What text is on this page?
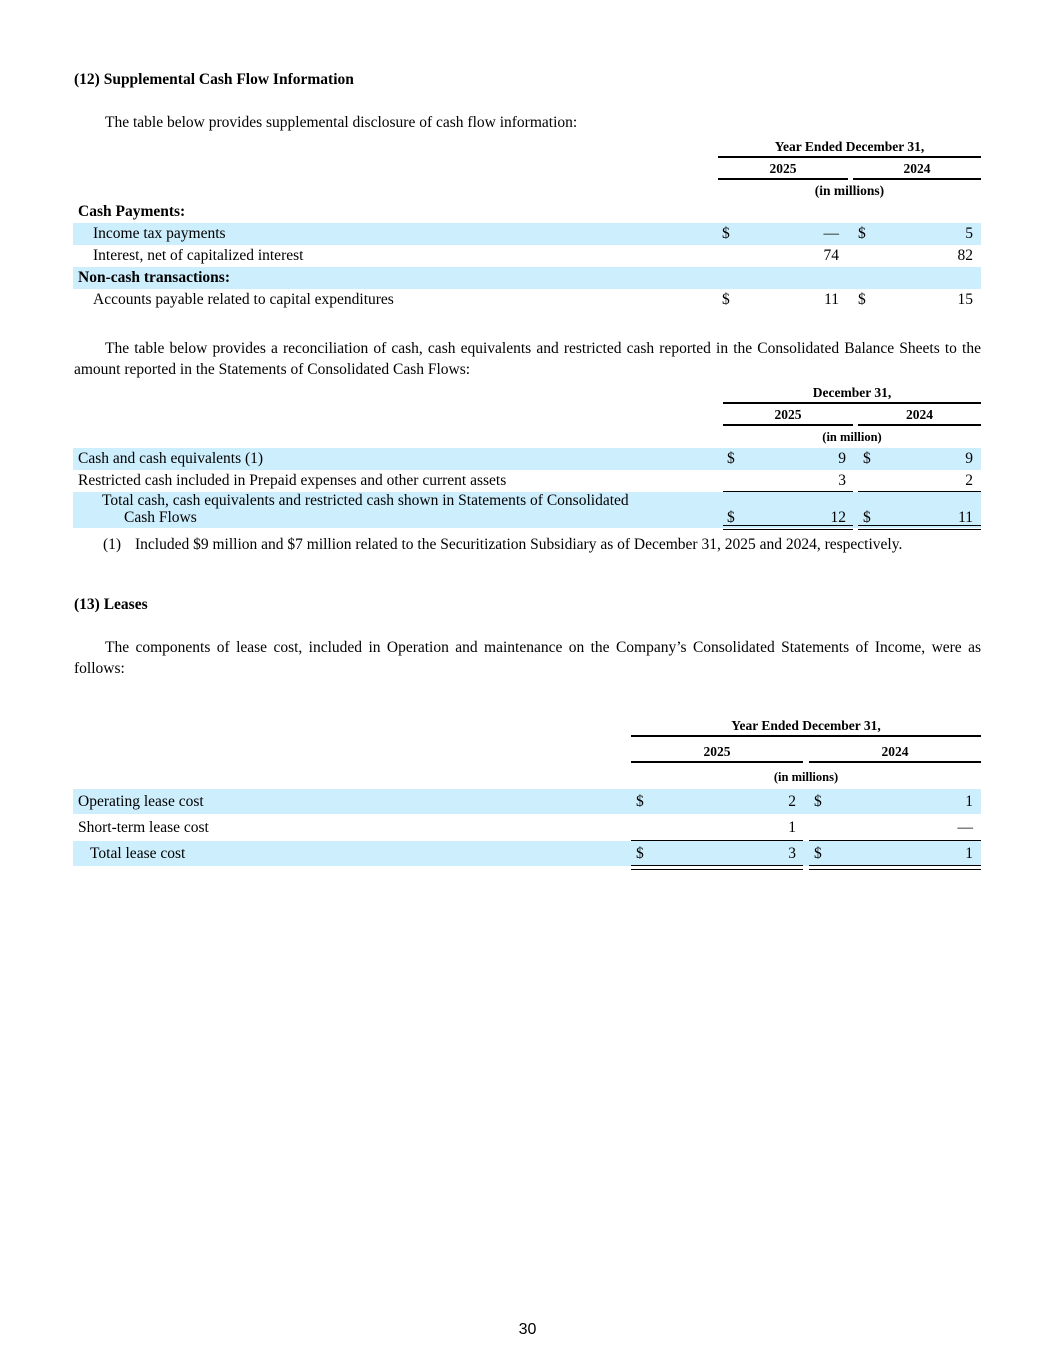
(12) Supplemental Cash Flow Information
The table below provides supplemental disclosure of cash flow information:
Year Ended December 31,
2025	2024
(in millions)
Cash Payments:
Income tax payments	$	— $	5
Interest, net of capitalized interest	74	82
Non-cash transactions:
Accounts payable related to capital expenditures	$	11 $	15
The table below provides a reconciliation of cash, cash equivalents and restricted cash reported in the Consolidated Balance Sheets to the amount reported in the Statements of Consolidated Cash Flows:
December 31,
2025	2024
(in million)
Cash and cash equivalents (1)	$	9 $	9
Restricted cash included in Prepaid expenses and other current assets	3	2
Total cash, cash equivalents and restricted cash shown in Statements of Consolidated
Cash Flows	$	12 $	11
(1) Included $9 million and $7 million related to the Securitization Subsidiary as of December 31, 2025 and 2024, respectively.
(13) Leases
The components of lease cost, included in Operation and maintenance on the Company’s Consolidated Statements of Income, were as follows:
Year Ended December 31,
2025	2024
(in millions)
Operating lease cost	$	2 $	1
Short-term lease cost	1	—
Total lease cost	$	3 $	1
30
